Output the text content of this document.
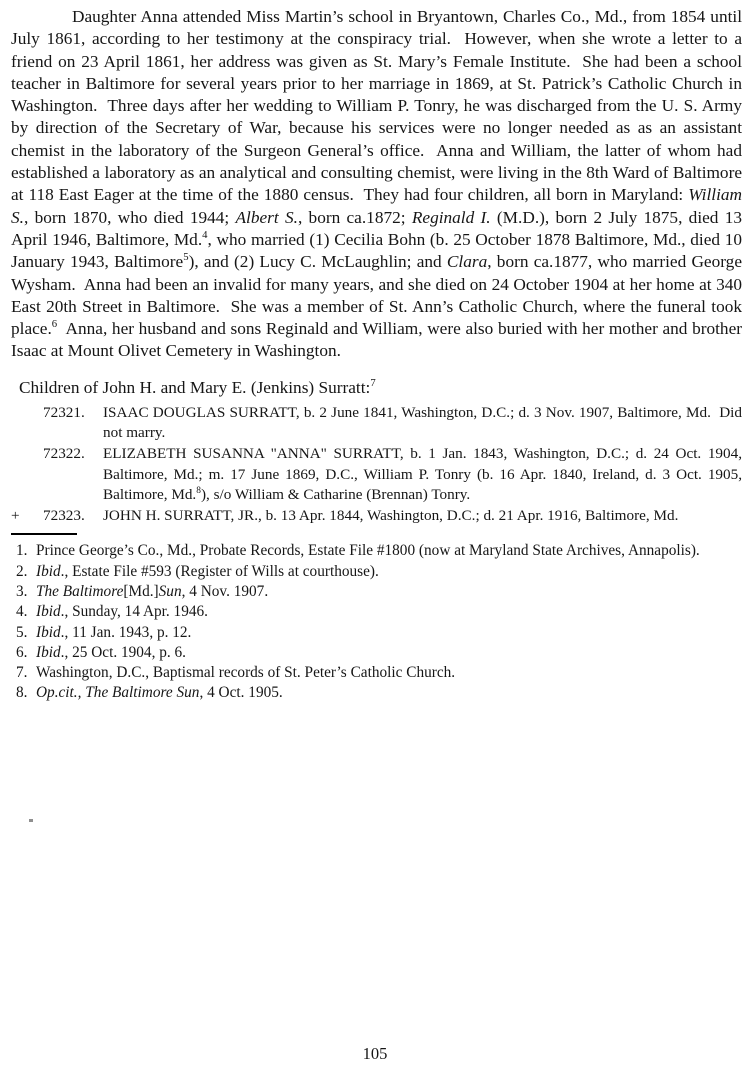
Daughter Anna attended Miss Martin’s school in Bryantown, Charles Co., Md., from 1854 until July 1861, according to her testimony at the conspiracy trial.  However, when she wrote a letter to a friend on 23 April 1861, her address was given as St. Mary’s Female Institute.  She had been a school teacher in Baltimore for several years prior to her marriage in 1869, at St. Patrick’s Catholic Church in Washington.  Three days after her wedding to William P. Tonry, he was discharged from the U. S. Army by direction of the Secretary of War, because his services were no longer needed as as an assistant chemist in the laboratory of the Surgeon General’s office.  Anna and William, the latter of whom had established a laboratory as an analytical and consulting chemist, were living in the 8th Ward of Baltimore at 118 East Eager at the time of the 1880 census.  They had four children, all born in Maryland: William S., born 1870, who died 1944; Albert S., born ca.1872; Reginald I. (M.D.), born 2 July 1875, died 13 April 1946, Baltimore, Md.$^4$, who married (1) Cecilia Bohn (b. 25 October 1878 Baltimore, Md., died 10 January 1943, Baltimore$^5$), and (2) Lucy C. McLaughlin; and Clara, born ca.1877, who married George Wysham.  Anna had been an invalid for many years, and she died on 24 October 1904 at her home at 340 East 20th Street in Baltimore.  She was a member of St. Ann’s Catholic Church, where the funeral took place.$^6$  Anna, her husband and sons Reginald and William, were also buried with her mother and brother Isaac at Mount Olivet Cemetery in Washington.

Children of John H. and Mary E. (Jenkins) Surratt:$^7$

72321.	ISAAC DOUGLAS SURRATT, b. 2 June 1841, Washington, D.C.; d. 3 Nov. 1907, Baltimore, Md.  Did not marry.
72322.	ELIZABETH SUSANNA "ANNA" SURRATT, b. 1 Jan. 1843, Washington, D.C.; d. 24 Oct. 1904, Baltimore, Md.; m. 17 June 1869, D.C., William P. Tonry (b. 16 Apr. 1840, Ireland, d. 3 Oct. 1905, Baltimore, Md.$^8$), s/o William & Catharine (Brennan) Tonry.
+	72323.	JOHN H. SURRATT, JR., b. 13 Apr. 1844, Washington, D.C.; d. 21 Apr. 1916, Baltimore, Md.
1. Prince George’s Co., Md., Probate Records, Estate File #1800 (now at Maryland State Archives, Annapolis).
2. Ibid., Estate File #593 (Register of Wills at courthouse).
3. The Baltimore[Md.]Sun, 4 Nov. 1907.
4. Ibid., Sunday, 14 Apr. 1946.
5. Ibid., 11 Jan. 1943, p. 12.
6. Ibid., 25 Oct. 1904, p. 6.
7. Washington, D.C., Baptismal records of St. Peter’s Catholic Church.
8. Op.cit., The Baltimore Sun, 4 Oct. 1905.
105
